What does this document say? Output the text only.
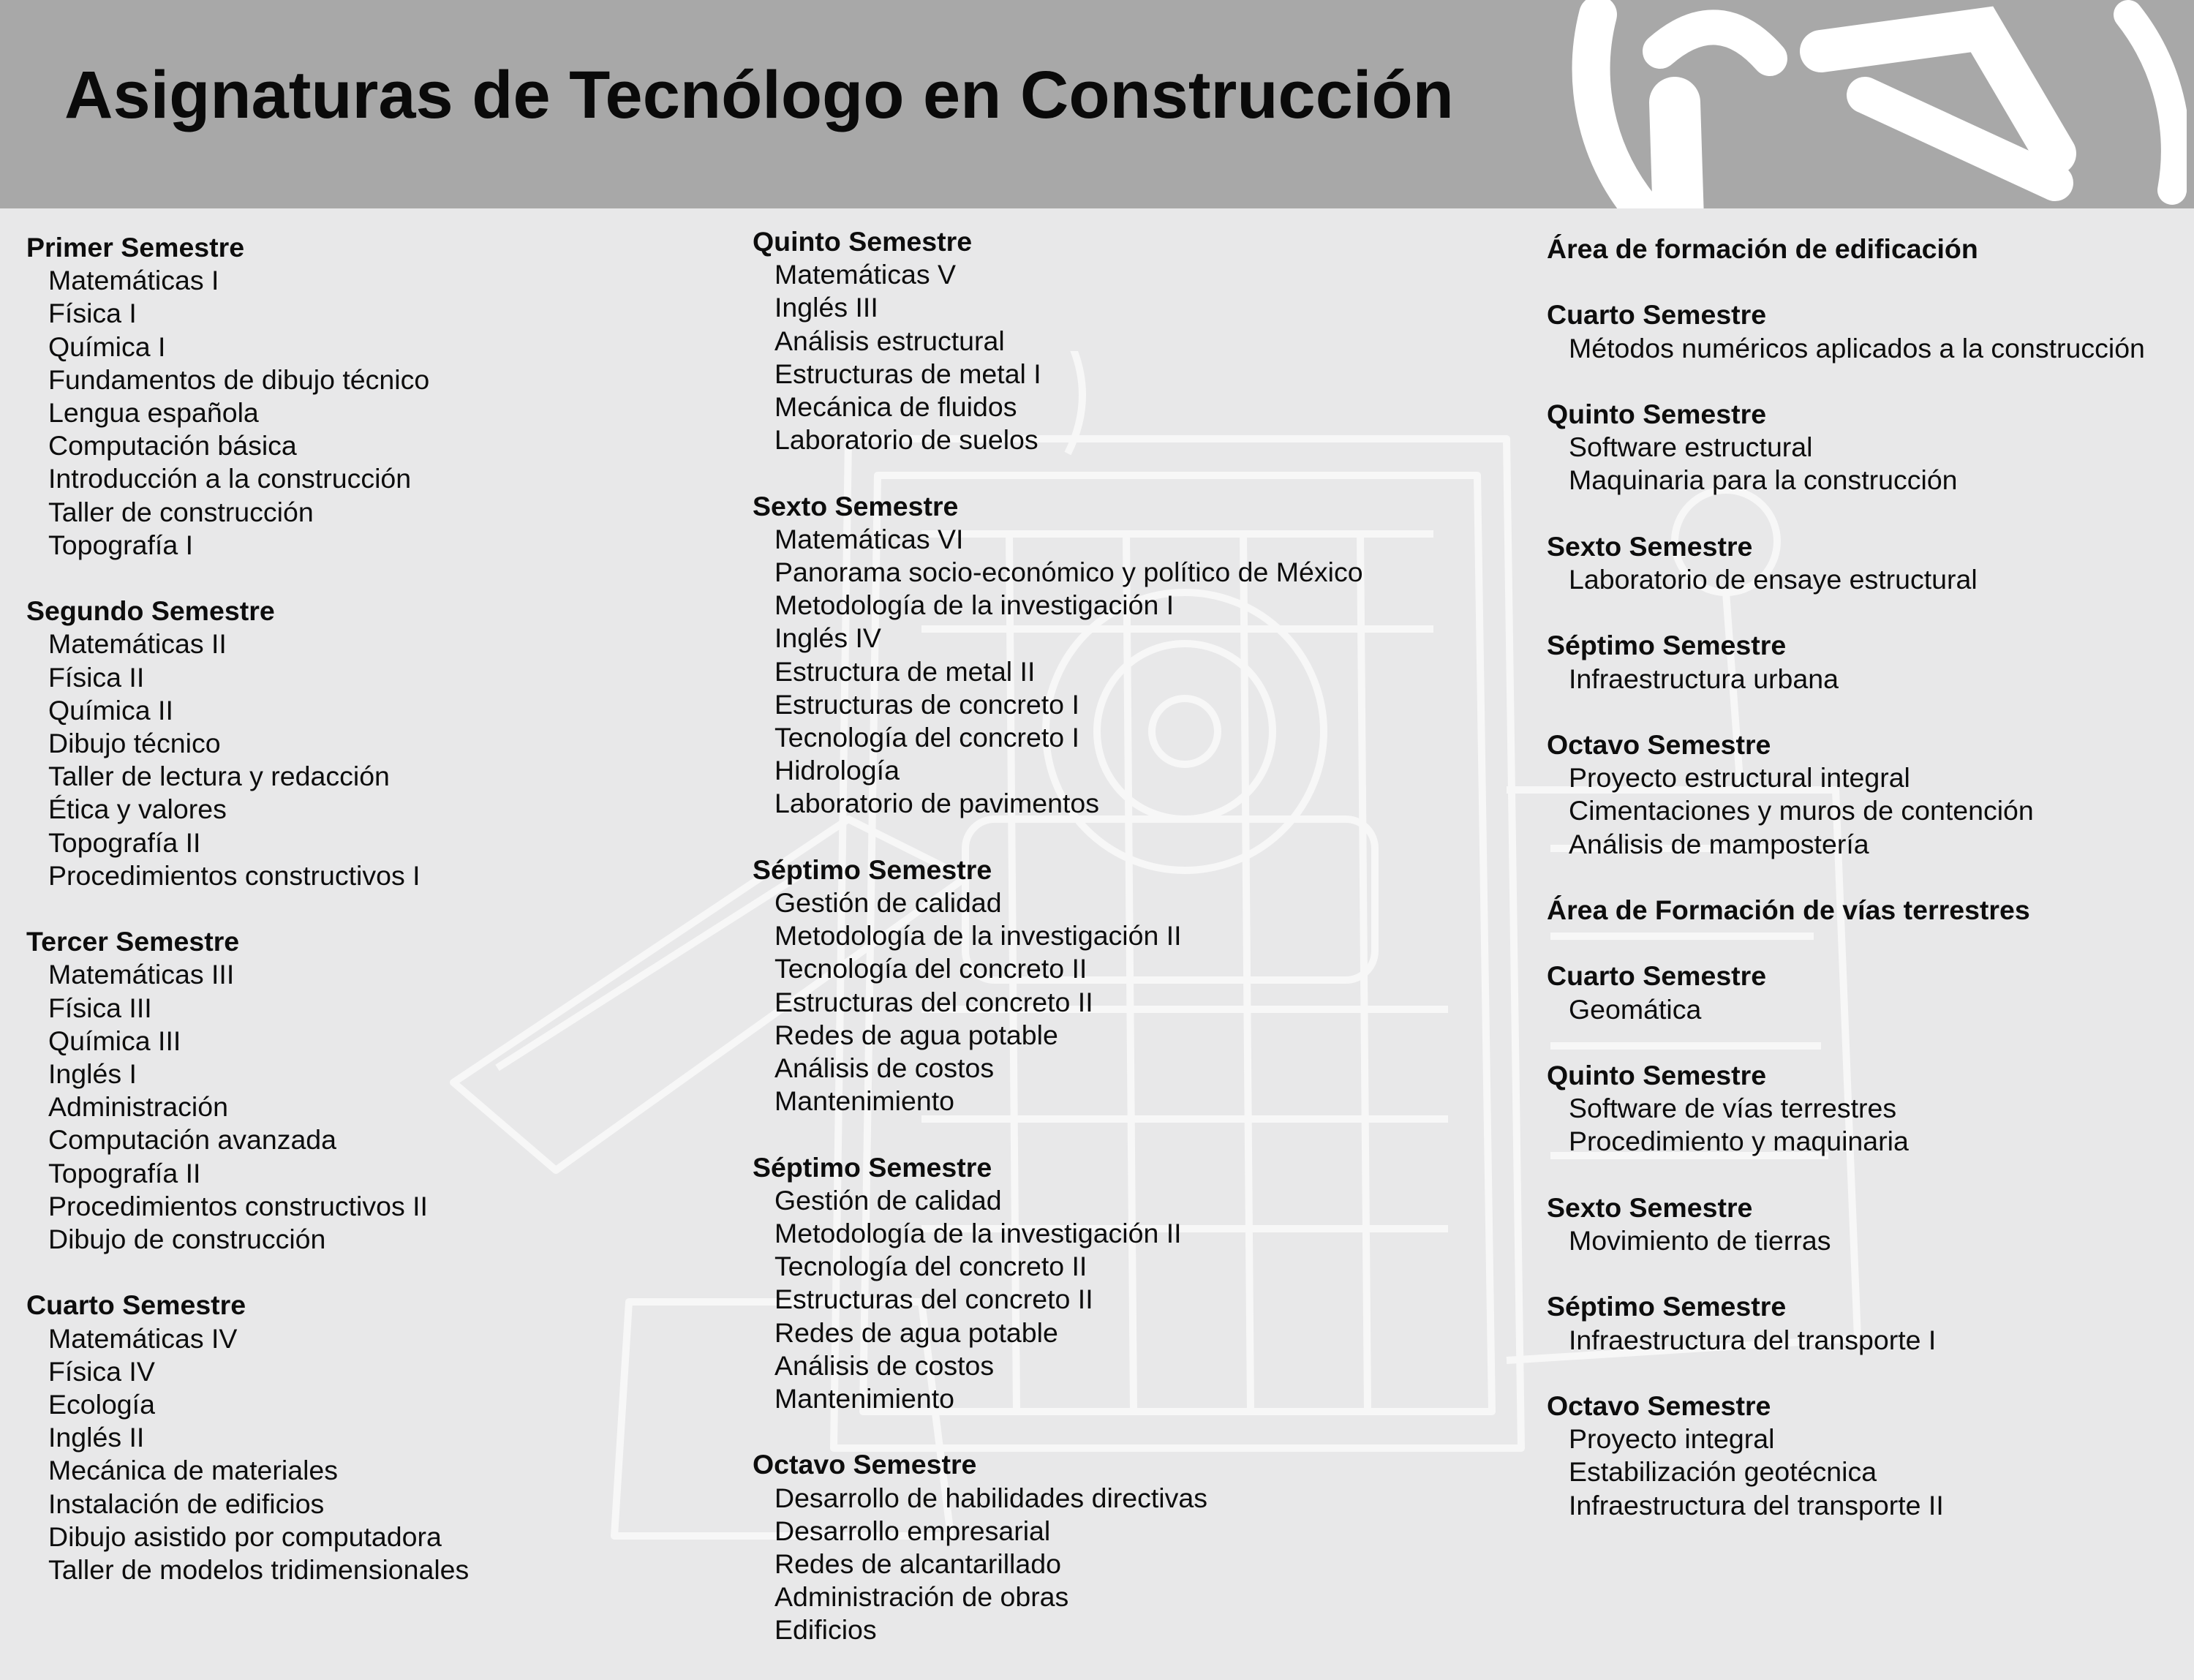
Asignaturas de Tecnólogo en Construcción
Primer Semestre
Matemáticas I
Física I
Química I
Fundamentos de dibujo técnico
Lengua española
Computación básica
Introducción a la construcción
Taller de construcción
Topografía I
Segundo Semestre
Matemáticas II
Física II
Química II
Dibujo técnico
Taller de lectura y redacción
Ética y valores
Topografía II
Procedimientos constructivos I
Tercer Semestre
Matemáticas III
Física III
Química III
Inglés I
Administración
Computación avanzada
Topografía II
Procedimientos constructivos II
Dibujo de construcción
Cuarto Semestre
Matemáticas IV
Física IV
Ecología
Inglés II
Mecánica de materiales
Instalación de edificios
Dibujo asistido por computadora
Taller de modelos tridimensionales
Quinto Semestre
Matemáticas V
Inglés III
Análisis estructural
Estructuras de metal I
Mecánica de fluidos
Laboratorio de suelos
Sexto Semestre
Matemáticas VI
Panorama socio-económico y político de México
Metodología de la investigación I
Inglés IV
Estructura de metal II
Estructuras de concreto I
Tecnología del concreto I
Hidrología
Laboratorio de pavimentos
Séptimo Semestre
Gestión de calidad
Metodología de la investigación II
Tecnología del concreto II
Estructuras del concreto II
Redes de agua potable
Análisis de costos
Mantenimiento
Séptimo Semestre
Gestión de calidad
Metodología de la investigación II
Tecnología del concreto II
Estructuras del concreto II
Redes de agua potable
Análisis de costos
Mantenimiento
Octavo Semestre
Desarrollo de habilidades directivas
Desarrollo empresarial
Redes de alcantarillado
Administración de obras
Edificios
Área de formación de edificación
Cuarto Semestre
Métodos numéricos aplicados a la construcción
Quinto Semestre
Software estructural
Maquinaria para la construcción
Sexto Semestre
Laboratorio de ensaye estructural
Séptimo Semestre
Infraestructura urbana
Octavo Semestre
Proyecto estructural integral
Cimentaciones y muros de contención
Análisis de mampostería
Área de Formación de vías terrestres
Cuarto Semestre
Geomática
Quinto Semestre
Software de vías terrestres
Procedimiento y maquinaria
Sexto Semestre
Movimiento de tierras
Séptimo Semestre
Infraestructura del transporte I
Octavo Semestre
Proyecto integral
Estabilización geotécnica
Infraestructura del transporte II
